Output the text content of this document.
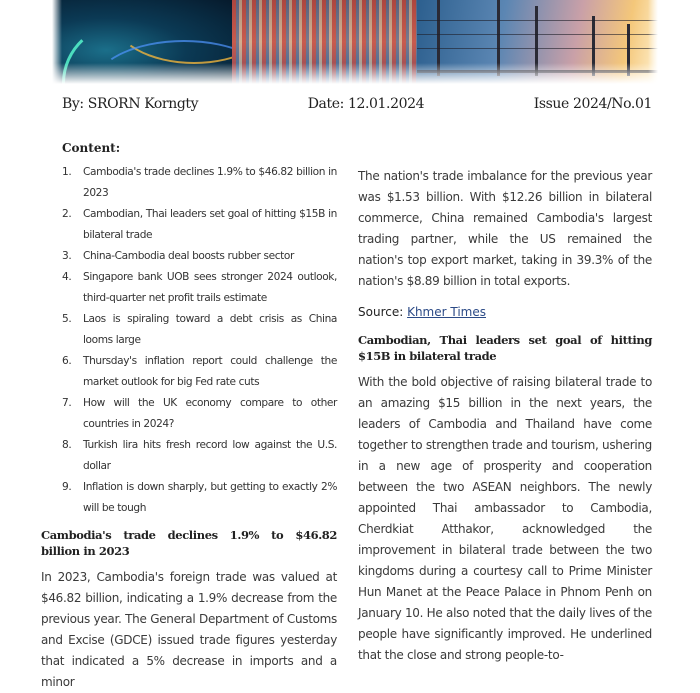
By: SRORN Korngty	Date: 12.01.2024	Issue 2024/No.01
Content:
1. Cambodia's trade declines 1.9% to $46.82 billion in 2023
2. Cambodian, Thai leaders set goal of hitting $15B in bilateral trade
3. China-Cambodia deal boosts rubber sector
4. Singapore bank UOB sees stronger 2024 outlook, third-quarter net profit trails estimate
5. Laos is spiraling toward a debt crisis as China looms large
6. Thursday's inflation report could challenge the market outlook for big Fed rate cuts
7. How will the UK economy compare to other countries in 2024?
8. Turkish lira hits fresh record low against the U.S. dollar
9. Inflation is down sharply, but getting to exactly 2% will be tough
Cambodia's trade declines 1.9% to $46.82 billion in 2023

In 2023, Cambodia's foreign trade was valued at $46.82 billion, indicating a 1.9% decrease from the previous year. The General Department of Customs and Excise (GDCE) issued trade figures yesterday that indicated a 5% decrease in imports and a minor

The nation's trade imbalance for the previous year was $1.53 billion. With $12.26 billion in bilateral commerce, China remained Cambodia's largest trading partner, while the US remained the nation's top export market, taking in 39.3% of the nation's $8.89 billion in total exports.

Source: Khmer Times
Cambodian, Thai leaders set goal of hitting $15B in bilateral trade

With the bold objective of raising bilateral trade to an amazing $15 billion in the next years, the leaders of Cambodia and Thailand have come together to strengthen trade and tourism, ushering in a new age of prosperity and cooperation between the two ASEAN neighbors. The newly appointed Thai ambassador to Cambodia, Cherdkiat Atthakor, acknowledged the improvement in bilateral trade between the two kingdoms during a courtesy call to Prime Minister Hun Manet at the Peace Palace in Phnom Penh on January 10. He also noted that the daily lives of the people have significantly improved. He underlined that the close and strong people-to-
